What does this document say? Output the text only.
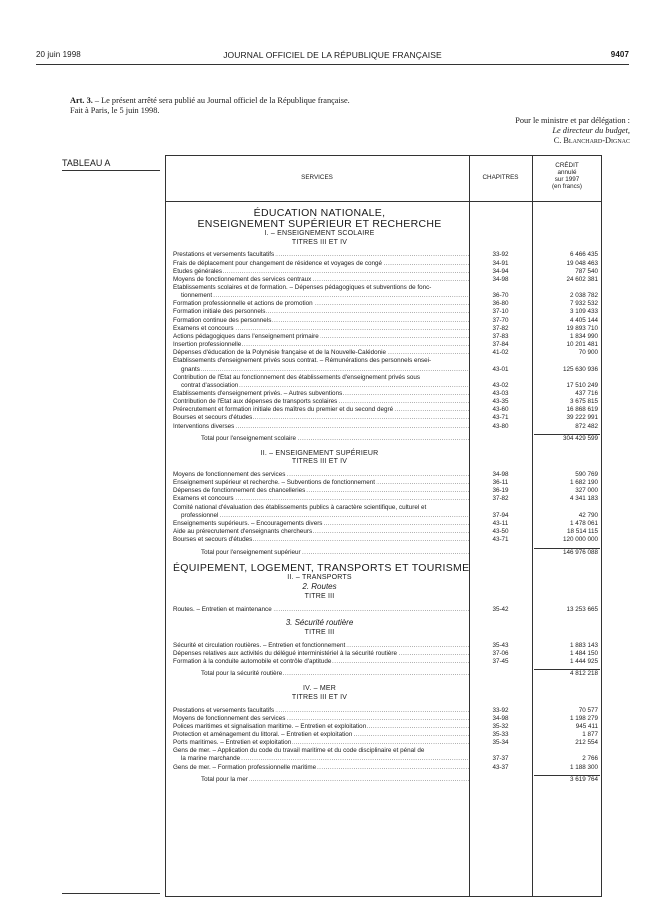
20 juin 1998	JOURNAL OFFICIEL DE LA RÉPUBLIQUE FRANÇAISE	9407
Art. 3. – Le présent arrêté sera publié au Journal officiel de la République française.
Fait à Paris, le 5 juin 1998.
Pour le ministre et par délégation :
Le directeur du budget,
C. Blanchard-Dignac
TABLEAU A
SERVICES	CHAPITRES
CRÉDIT
annulé
sur 1997
(en francs)
ÉDUCATION NATIONALE,
ENSEIGNEMENT SUPÉRIEUR ET RECHERCHE
I. – ENSEIGNEMENT SCOLAIRE
TITRES III ET IV
Prestations et versements facultatifs .....	33-92	6 466 435
Frais de déplacement pour changement de résidence et voyages de congé .....	34-91	19 048 463
Études générales .....	34-94	787 540
Moyens de fonctionnement des services centraux .....	34-98	24 602 381
Établissements scolaires et de formation. – Dépenses pédagogiques et subventions de fonc-
tionnement .....	36-70	2 038 782
Formation professionnelle et actions de promotion .....	36-80	7 932 532
Formation initiale des personnels .....	37-10	3 109 433
Formation continue des personnels .....	37-70	4 405 144
Examens et concours .....	37-82	19 893 710
Actions pédagogiques dans l'enseignement primaire .....	37-83	1 834 990
Insertion professionnelle .....	37-84	10 201 481
Dépenses d'éducation de la Polynésie française et de la Nouvelle-Calédonie .....	41-02	70 900
Établissements d'enseignement privés sous contrat. – Rémunérations des personnels ensei-
gnants .....	43-01	125 630 936
Contribution de l'État au fonctionnement des établissements d'enseignement privés sous
contrat d'association .....	43-02	17 510 249
Établissements d'enseignement privés. – Autres subventions .....	43-03	437 716
Contribution de l'État aux dépenses de transports scolaires .....	43-35	3 675 815
Prérecrutement et formation initiale des maîtres du premier et du second degré .....	43-60	16 868 619
Bourses et secours d'études .....	43-71	39 222 991
Interventions diverses .....	43-80	872 482
Total pour l'enseignement scolaire .....	304 429 599
II. – ENSEIGNEMENT SUPÉRIEUR
TITRES III ET IV
Moyens de fonctionnement des services .....	34-98	590 769
Enseignement supérieur et recherche. – Subventions de fonctionnement .....	36-11	1 682 190
Dépenses de fonctionnement des chancelleries .....	36-19	327 000
Examens et concours .....	37-82	4 341 183
Comité national d'évaluation des établissements publics à caractère scientifique, culturel et
professionnel .....	37-94	42 790
Enseignements supérieurs. – Encouragements divers .....	43-11	1 478 061
Aide au prérecrutement d'enseignants chercheurs .....	43-50	18 514 115
Bourses et secours d'études .....	43-71	120 000 000
Total pour l'enseignement supérieur .....	146 976 088
ÉQUIPEMENT, LOGEMENT, TRANSPORTS ET TOURISME
II. – TRANSPORTS
2. Routes
TITRE III
Routes. – Entretien et maintenance .....	35-42	13 253 665
3. Sécurité routière
TITRE III
Sécurité et circulation routières. – Entretien et fonctionnement .....	35-43	1 883 143
Dépenses relatives aux activités du délégué interministériel à la sécurité routière .....	37-06	1 484 150
Formation à la conduite automobile et contrôle d'aptitude .....	37-45	1 444 925
Total pour la sécurité routière .....	4 812 218
IV. – MER
TITRES III ET IV
Prestations et versements facultatifs .....	33-92	70 577
Moyens de fonctionnement des services .....	34-98	1 198 279
Polices maritimes et signalisation maritime. – Entretien et exploitation .....	35-32	945 411
Protection et aménagement du littoral. – Entretien et exploitation .....	35-33	1 877
Ports maritimes. – Entretien et exploitation .....	35-34	212 554
Gens de mer. – Application du code du travail maritime et du code disciplinaire et pénal de
la marine marchande .....	37-37	2 766
Gens de mer. – Formation professionnelle maritime .....	43-37	1 188 300
Total pour la mer .....	3 619 764
